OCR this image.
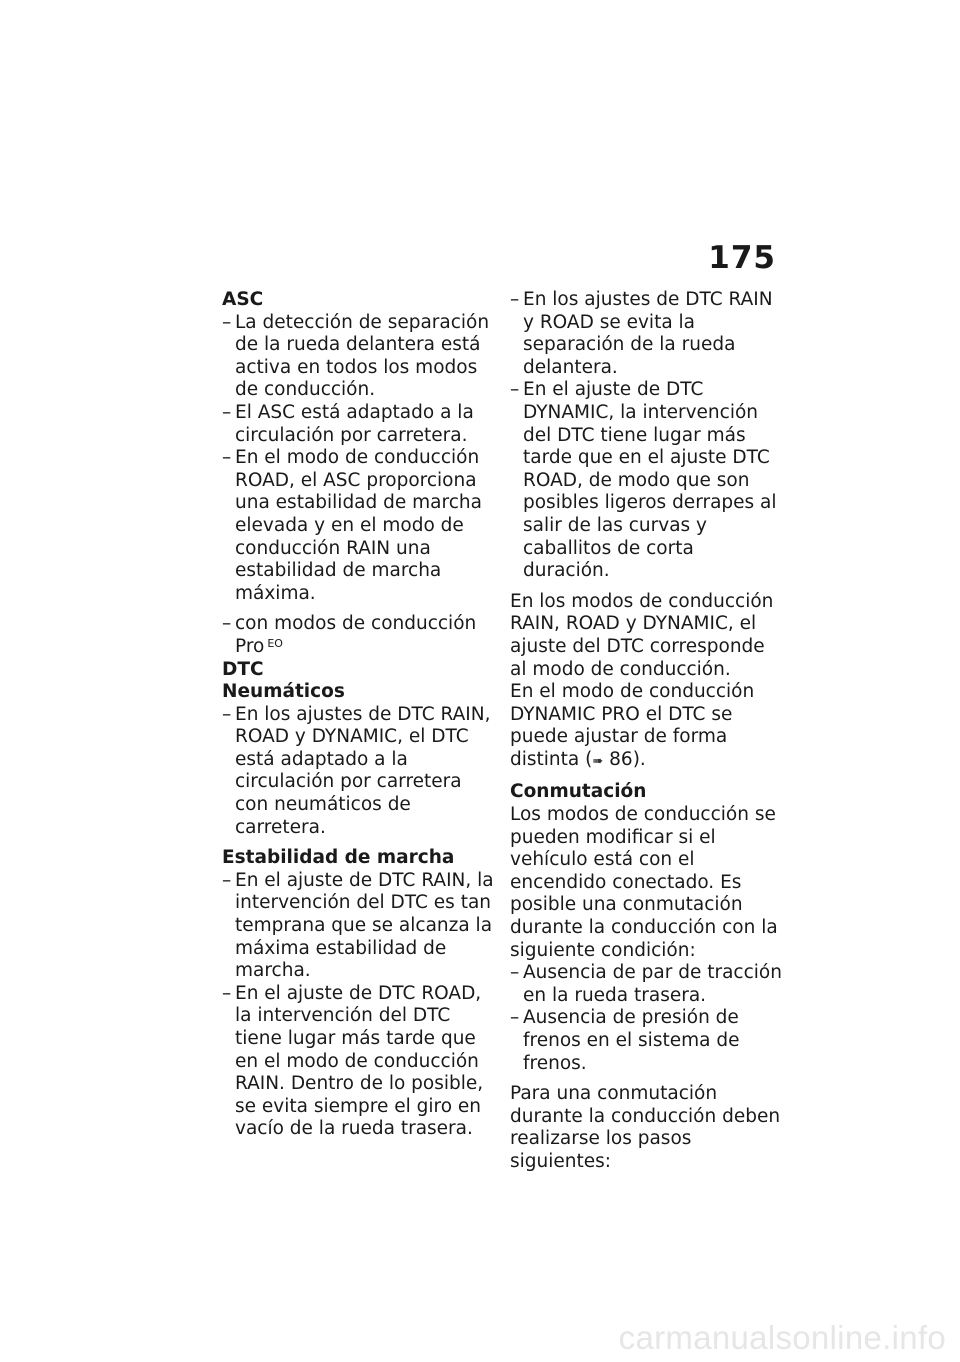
175
ASC
– La detección de separación de la rueda delantera está activa en todos los modos de conducción.
– El ASC está adaptado a la circulación por carretera.
– En el modo de conducción ROAD, el ASC proporciona una estabilidad de marcha elevada y en el modo de conducción RAIN una estabilidad de marcha máxima.
– con modos de conducción Pro $^{EO}$
DTC
Neumáticos
– En los ajustes de DTC RAIN, ROAD y DYNAMIC, el DTC está adaptado a la circulación por carretera con neumáticos de carretera.
Estabilidad de marcha
– En el ajuste de DTC RAIN, la intervención del DTC es tan temprana que se alcanza la máxima estabilidad de marcha.
– En el ajuste de DTC ROAD, la intervención del DTC tiene lugar más tarde que en el modo de conducción RAIN. Dentro de lo posible, se evita siempre el giro en vacío de la rueda trasera.
– En los ajustes de DTC RAIN y ROAD se evita la separación de la rueda delantera.
– En el ajuste de DTC DYNAMIC, la intervención del DTC tiene lugar más tarde que en el ajuste DTC ROAD, de modo que son posibles ligeros derrapes al salir de las curvas y caballitos de corta duración.

En los modos de conducción RAIN, ROAD y DYNAMIC, el ajuste del DTC corresponde al modo de conducción.

En el modo de conducción DYNAMIC PRO el DTC se puede ajustar de forma distinta (➠ 86).

Conmutación

Los modos de conducción se pueden modificar si el vehículo está con el encendido conectado. Es posible una conmutación durante la conducción con la siguiente condición:

– Ausencia de par de tracción en la rueda trasera.
– Ausencia de presión de frenos en el sistema de frenos.

Para una conmutación durante la conducción deben realizarse los pasos siguientes:

carmanualsonline.info
